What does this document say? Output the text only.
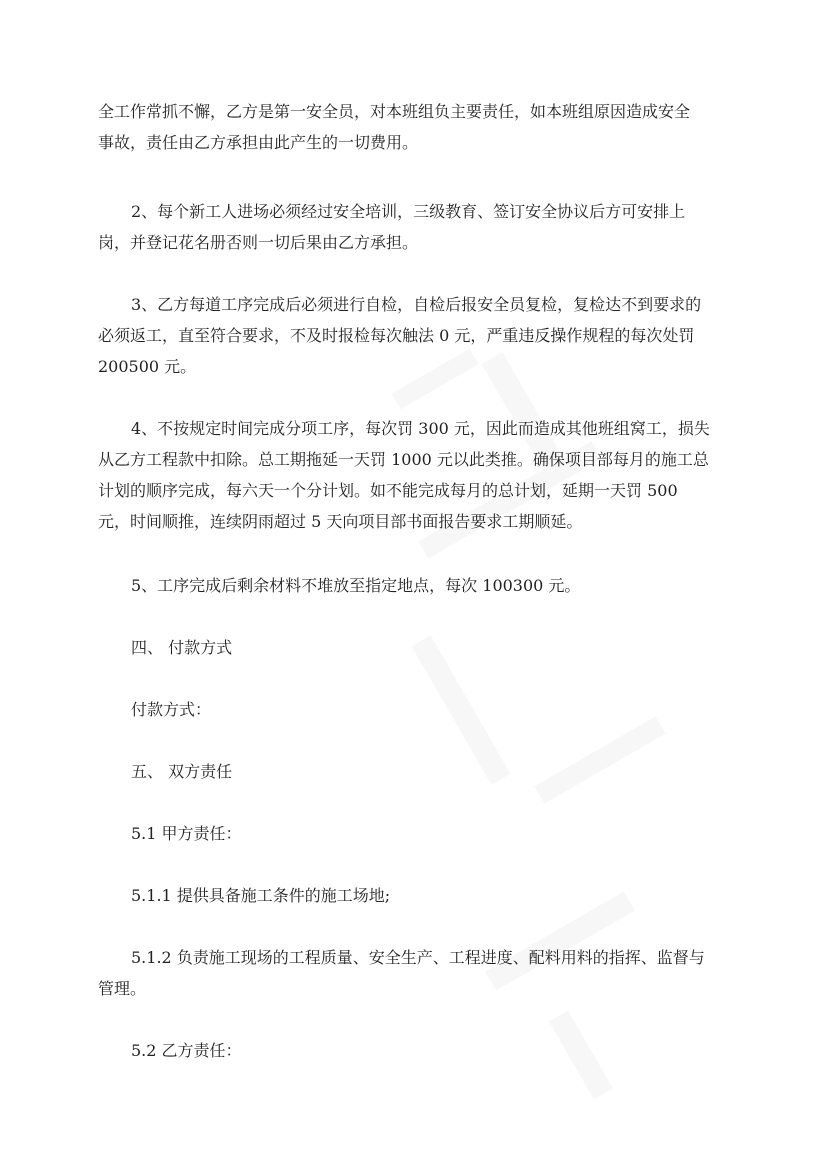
全工作常抓不懈，乙方是第一安全员，对本班组负主要责任，如本班组原因造成安全
事故，责任由乙方承担由此产生的一切费用。

2、每个新工人进场必须经过安全培训，三级教育、签订安全协议后方可安排上
岗，并登记花名册否则一切后果由乙方承担。

3、乙方每道工序完成后必须进行自检，自检后报安全员复检，复检达不到要求的
必须返工，直至符合要求，不及时报检每次触法 0 元，严重违反操作规程的每次处罚
200500 元。

4、不按规定时间完成分项工序，每次罚 300 元，因此而造成其他班组窝工，损失
从乙方工程款中扣除。总工期拖延一天罚 1000 元以此类推。确保项目部每月的施工总
计划的顺序完成，每六天一个分计划。如不能完成每月的总计划，延期一天罚 500
元，时间顺推，连续阴雨超过 5 天向项目部书面报告要求工期顺延。

5、工序完成后剩余材料不堆放至指定地点，每次 100300 元。

四、 付款方式

付款方式：

五、 双方责任

5.1 甲方责任：

5.1.1 提供具备施工条件的施工场地;

5.1.2 负责施工现场的工程质量、安全生产、工程进度、配料用料的指挥、监督与
管理。

5.2 乙方责任：
